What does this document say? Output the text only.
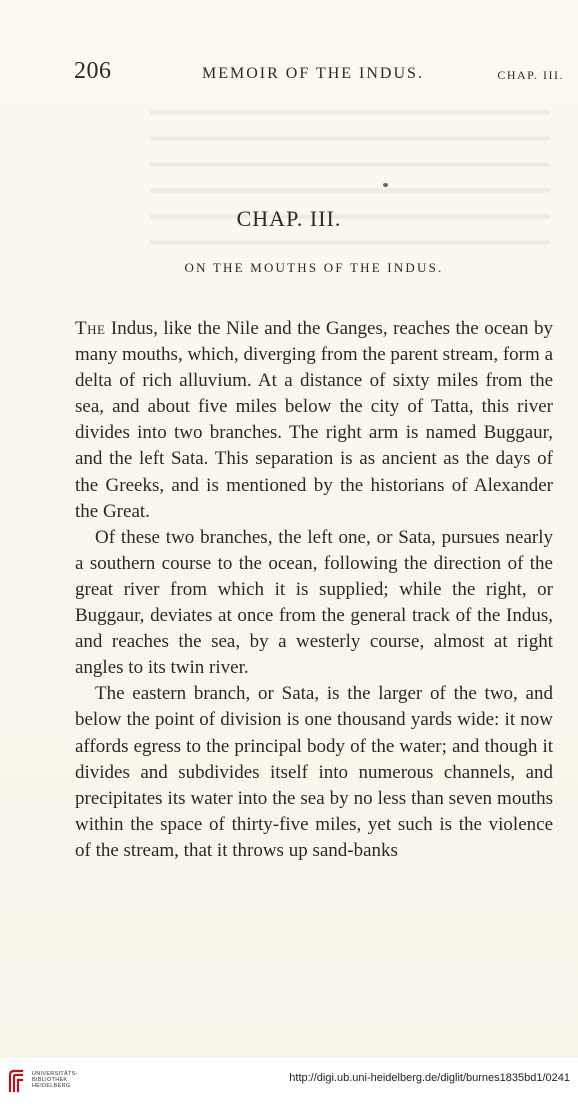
206	MEMOIR OF THE INDUS.	CHAP. III.
CHAP. III.
ON THE MOUTHS OF THE INDUS.

The Indus, like the Nile and the Ganges, reaches the ocean by many mouths, which, diverging from the parent stream, form a delta of rich alluvium. At a distance of sixty miles from the sea, and about five miles below the city of Tatta, this river divides into two branches. The right arm is named Buggaur, and the left Sata. This separation is as ancient as the days of the Greeks, and is mentioned by the historians of Alexander the Great.

Of these two branches, the left one, or Sata, pursues nearly a southern course to the ocean, following the direction of the great river from which it is supplied; while the right, or Buggaur, deviates at once from the general track of the Indus, and reaches the sea, by a westerly course, almost at right angles to its twin river.

The eastern branch, or Sata, is the larger of the two, and below the point of division is one thousand yards wide: it now affords egress to the principal body of the water; and though it divides and subdivides itself into numerous channels, and precipitates its water into the sea by no less than seven mouths within the space of thirty-five miles, yet such is the violence of the stream, that it throws up sand-banks

UNIVERSITÄTS-
BIBLIOTHEK
HEIDELBERG
http://digi.ub.uni-heidelberg.de/diglit/burnes1835bd1/0241
